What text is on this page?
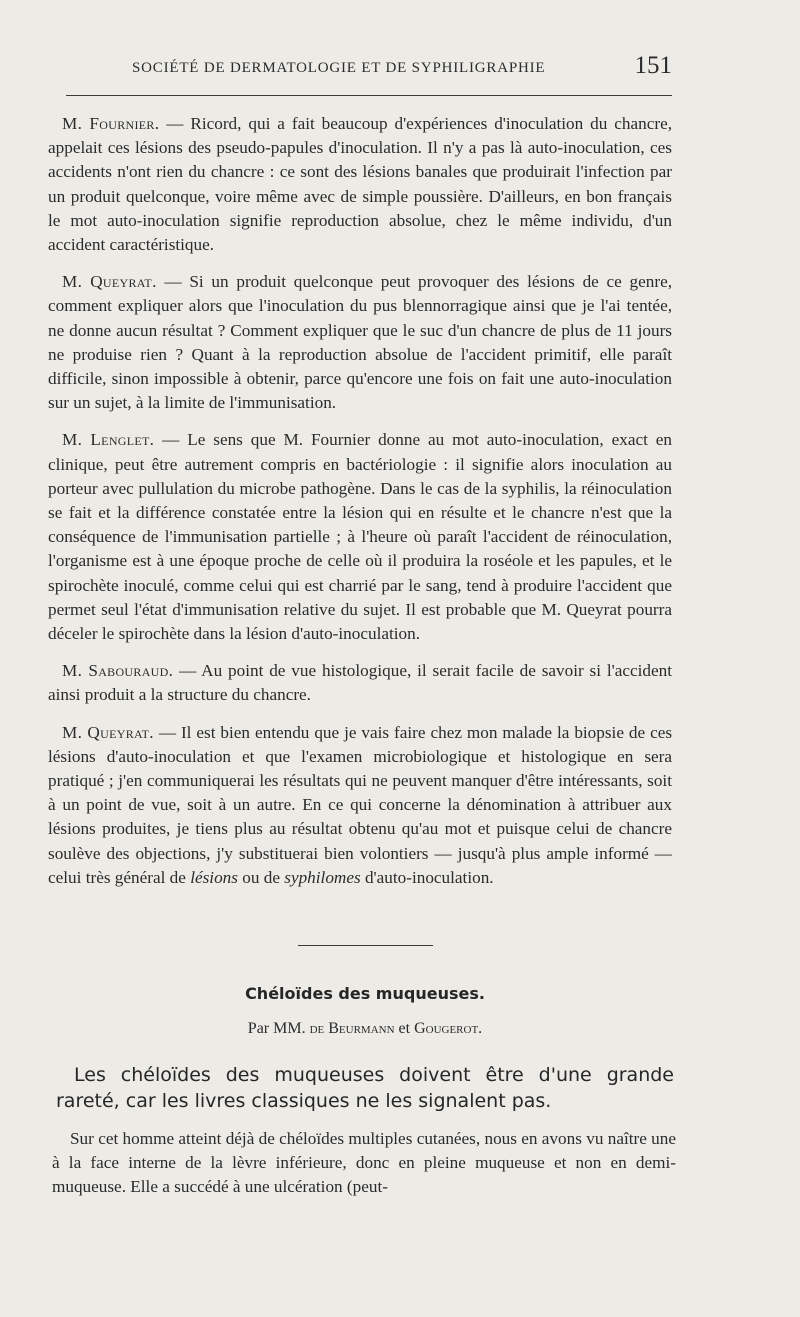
SOCIÉTÉ DE DERMATOLOGIE ET DE SYPHILIGRAPHIE	151

M. Fournier. — Ricord, qui a fait beaucoup d'expériences d'inoculation du chancre, appelait ces lésions des pseudo-papules d'inoculation. Il n'y a pas là auto-inoculation, ces accidents n'ont rien du chancre : ce sont des lésions banales que produirait l'infection par un produit quelconque, voire même avec de simple poussière. D'ailleurs, en bon français le mot auto-inoculation signifie reproduction absolue, chez le même individu, d'un accident caractéristique.

M. Queyrat. — Si un produit quelconque peut provoquer des lésions de ce genre, comment expliquer alors que l'inoculation du pus blennorragique ainsi que je l'ai tentée, ne donne aucun résultat ? Comment expliquer que le suc d'un chancre de plus de 11 jours ne produise rien ? Quant à la reproduction absolue de l'accident primitif, elle paraît difficile, sinon impossible à obtenir, parce qu'encore une fois on fait une auto-inoculation sur un sujet, à la limite de l'immunisation.

M. Lenglet. — Le sens que M. Fournier donne au mot auto-inoculation, exact en clinique, peut être autrement compris en bactériologie : il signifie alors inoculation au porteur avec pullulation du microbe pathogène. Dans le cas de la syphilis, la réinoculation se fait et la différence constatée entre la lésion qui en résulte et le chancre n'est que la conséquence de l'immunisation partielle ; à l'heure où paraît l'accident de réinoculation, l'organisme est à une époque proche de celle où il produira la roséole et les papules, et le spirochète inoculé, comme celui qui est charrié par le sang, tend à produire l'accident que permet seul l'état d'immunisation relative du sujet. Il est probable que M. Queyrat pourra déceler le spirochète dans la lésion d'auto-inoculation.

M. Sabouraud. — Au point de vue histologique, il serait facile de savoir si l'accident ainsi produit a la structure du chancre.

M. Queyrat. — Il est bien entendu que je vais faire chez mon malade la biopsie de ces lésions d'auto-inoculation et que l'examen microbiologique et histologique en sera pratiqué ; j'en communiquerai les résultats qui ne peuvent manquer d'être intéressants, soit à un point de vue, soit à un autre. En ce qui concerne la dénomination à attribuer aux lésions produites, je tiens plus au résultat obtenu qu'au mot et puisque celui de chancre soulève des objections, j'y substituerai bien volontiers — jusqu'à plus ample informé — celui très général de lésions ou de syphilomes d'auto-inoculation.

Chéloïdes des muqueuses.
Par MM. de Beurmann et Gougerot.

Les chéloïdes des muqueuses doivent être d'une grande rareté, car les livres classiques ne les signalent pas.

Sur cet homme atteint déjà de chéloïdes multiples cutanées, nous en avons vu naître une à la face interne de la lèvre inférieure, donc en pleine muqueuse et non en demi-muqueuse. Elle a succédé à une ulcération (peut-
